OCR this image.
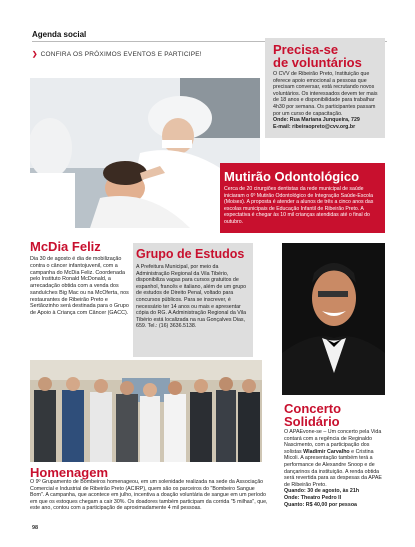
Agenda social
❯ CONFIRA OS PRÓXIMOS EVENTOS E PARTICIPE!	Precisa-se
de voluntários
O CVV de Ribeirão Preto, Instituição que oferece apoio emocional a pessoas que precisam conversar, está recrutando novos voluntários. Os interessados devem ter mais de 18 anos e disponibilidade para trabalhar 4h30 por semana. Os participantes passam por um curso de capacitação.
Onde: Rua Mariana Junqueira, 729
E-mail: ribeiraopreto@cvv.org.br
Mutirão Odontológico
Cerca de 20 cirurgiões dentistas da rede municipal de saúde iniciaram o 6º Mutirão Odontológico de Integração Saúde-Escola (Moises). A proposta é atender a alunos de três a cinco anos das escolas municipais de Educação Infantil de Ribeirão Preto. A expectativa é chegar às 10 mil crianças atendidas até o final do outubro.
McDia Feliz
Dia 30 de agosto é dia de mobilização contra o câncer infantojuvenil, com a campanha do McDia Feliz. Coordenada pelo Instituto Ronald McDonald, a arrecadação obtida com a venda dos sanduíches Big Mac ou na McOferta, nos restaurantes de Ribeirão Preto e Sertãozinho será destinada para o Grupo de Apoio à Criança com Câncer (GACC).
Grupo de Estudos
A Prefeitura Municipal, por meio da Administração Regional da Vila Tibério, disponibiliza vagas para cursos gratuitos de espanhol, francês e italiano, além de um grupo de estudos de Direito Penal, voltado para concursos públicos. Para se inscrever, é necessário ter 14 anos ou mais e apresentar cópia do RG. A Administração Regional da Vila Tibério está localizada na rua Gonçalves Dias, 659. Tel.: (16) 3636.5138.
Concerto
Solidário
O APAEvone-se – Um concerto pela Vida contará com a regência de Reginaldo Nascimento, com a participação dos solistas Wladimir Carvalho e Cristina Micoli. A apresentação também terá a performance de Alexandre Snoop e de dançarinos da instituição. A renda obtida será revertida para as despesas da APAE de Ribeirão Preto.
Quando: 30 de agosto, às 21h
Onde: Theatro Pedro II
Quanto: R$ 40,00 por pessoa
Homenagem
O 9º Grupamento de Bombeiros homenageou, em um solenidade realizada na sede da Associação Comercial e Industrial de Ribeirão Preto (ACIRP), quem são os parceiros do "Bombeiro Sangue Bom". A campanha, que acontece em julho, incentiva a doação voluntária de sangue em um período em que os estoques chegam a cair 30%. Os doadores também participam da corrida "5 milhas", que, este ano, contou com a participação de aproximadamente 4 mil pessoas.
98
